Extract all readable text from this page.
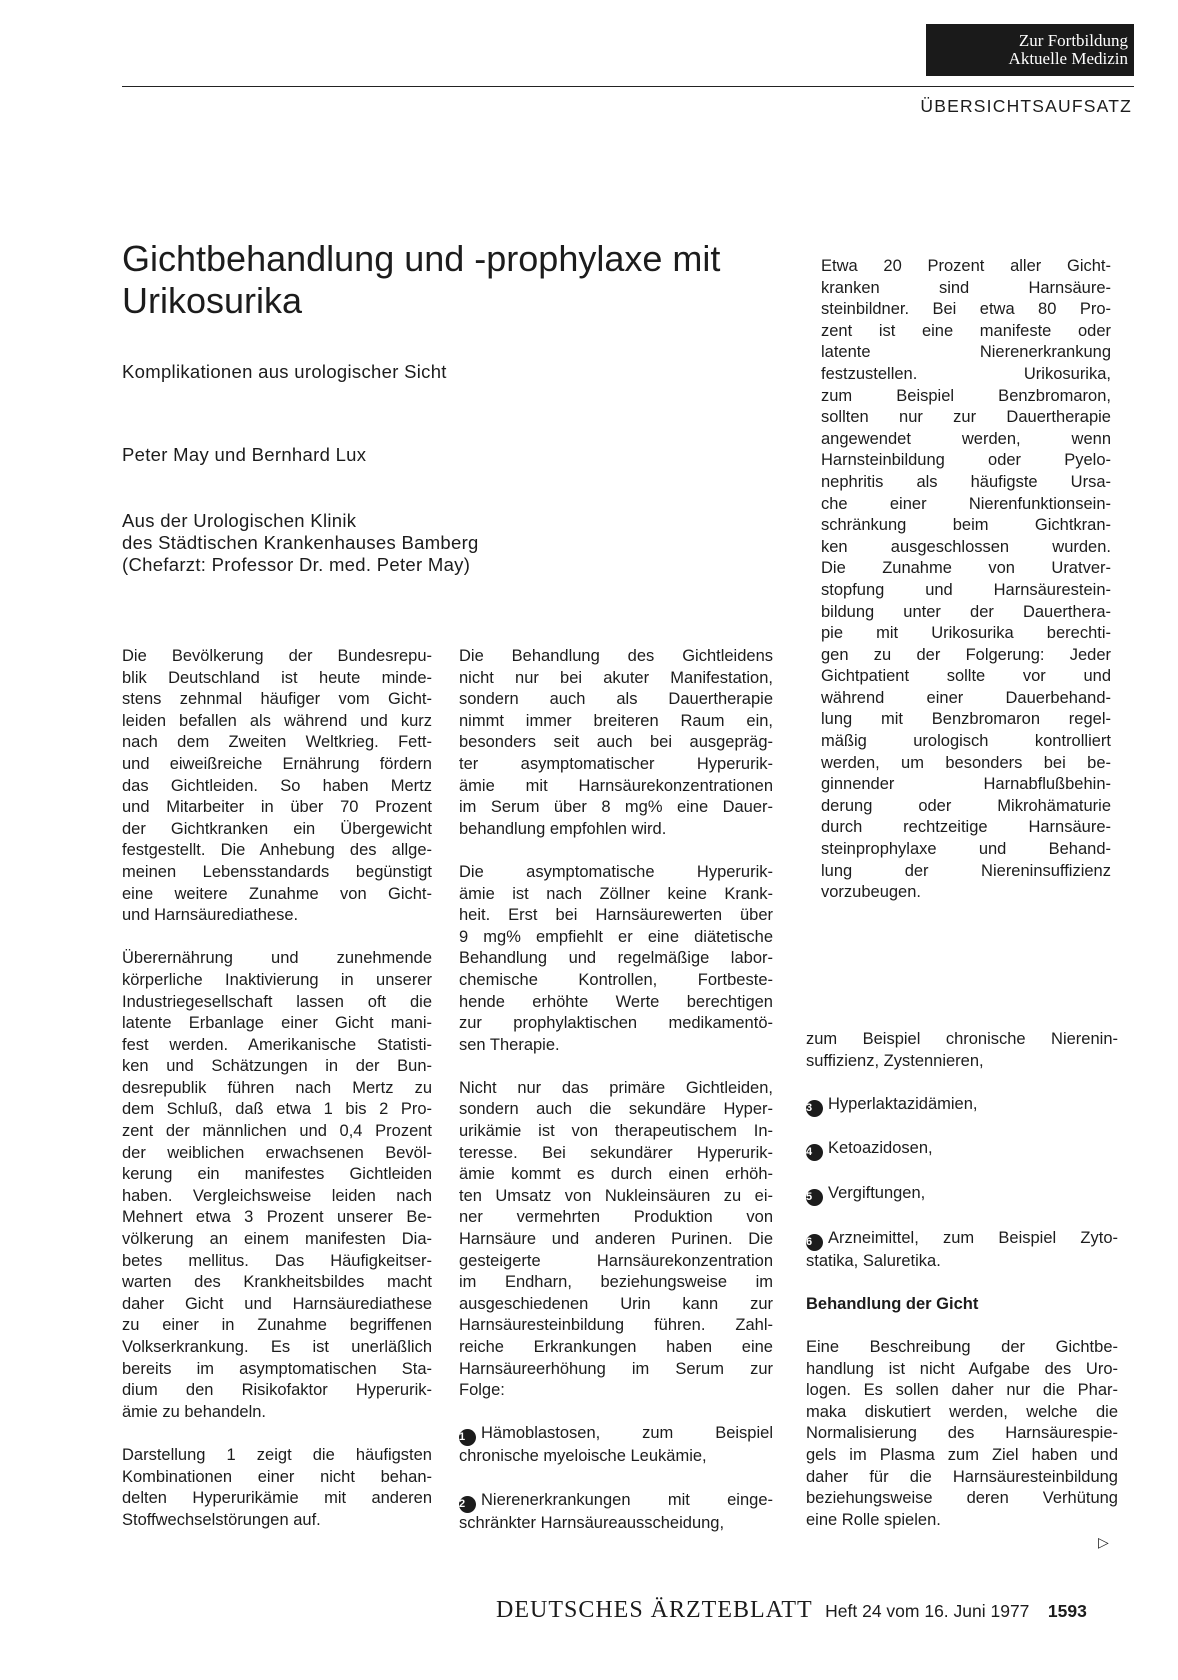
Zur Fortbildung
Aktuelle Medizin
ÜBERSICHTSAUFSATZ
Gichtbehandlung und -prophylaxe mit Urikosurika
Komplikationen aus urologischer Sicht
Peter May und Bernhard Lux
Aus der Urologischen Klinik
des Städtischen Krankenhauses Bamberg
(Chefarzt: Professor Dr. med. Peter May)

Die Bevölkerung der Bundesrepu-
blik Deutschland ist heute minde-
stens zehnmal häufiger vom Gicht-
leiden befallen als während und kurz
nach dem Zweiten Weltkrieg. Fett-
und eiweißreiche Ernährung fördern
das Gichtleiden. So haben Mertz
und Mitarbeiter in über 70 Prozent
der Gichtkranken ein Übergewicht
festgestellt. Die Anhebung des allge-
meinen Lebensstandards begünstigt
eine weitere Zunahme von Gicht-
und Harnsäurediathese.

Überernährung und zunehmende
körperliche Inaktivierung in unserer
Industriegesellschaft lassen oft die
latente Erbanlage einer Gicht mani-
fest werden. Amerikanische Statisti-
ken und Schätzungen in der Bun-
desrepublik führen nach Mertz zu
dem Schluß, daß etwa 1 bis 2 Pro-
zent der männlichen und 0,4 Prozent
der weiblichen erwachsenen Bevöl-
kerung ein manifestes Gichtleiden
haben. Vergleichsweise leiden nach
Mehnert etwa 3 Prozent unserer Be-
völkerung an einem manifesten Dia-
betes mellitus. Das Häufigkeitser-
warten des Krankheitsbildes macht
daher Gicht und Harnsäurediathese
zu einer in Zunahme begriffenen
Volkserkrankung. Es ist unerläßlich
bereits im asymptomatischen Sta-
dium den Risikofaktor Hyperurik-
ämie zu behandeln.

Darstellung 1 zeigt die häufigsten
Kombinationen einer nicht behan-
delten Hyperurikämie mit anderen
Stoffwechselstörungen auf.

Die Behandlung des Gichtleidens
nicht nur bei akuter Manifestation,
sondern auch als Dauertherapie
nimmt immer breiteren Raum ein,
besonders seit auch bei ausgepräg-
ter asymptomatischer Hyperurik-
ämie mit Harnsäurekonzentrationen
im Serum über 8 mg% eine Dauer-
behandlung empfohlen wird.

Die asymptomatische Hyperurik-
ämie ist nach Zöllner keine Krank-
heit. Erst bei Harnsäurewerten über
9 mg% empfiehlt er eine diätetische
Behandlung und regelmäßige labor-
chemische Kontrollen, Fortbeste-
hende erhöhte Werte berechtigen
zur prophylaktischen medikamentö-
sen Therapie.

Nicht nur das primäre Gichtleiden,
sondern auch die sekundäre Hyper-
urikämie ist von therapeutischem In-
teresse. Bei sekundärer Hyperurik-
ämie kommt es durch einen erhöh-
ten Umsatz von Nukleinsäuren zu ei-
ner vermehrten Produktion von
Harnsäure und anderen Purinen. Die
gesteigerte Harnsäurekonzentration
im Endharn, beziehungsweise im
ausgeschiedenen Urin kann zur
Harnsäuresteinbildung führen. Zahl-
reiche Erkrankungen haben eine
Harnsäureerhöhung im Serum zur
Folge:

1 Hämoblastosen, zum Beispiel
chronische myeloische Leukämie,
2 Nierenerkrankungen mit einge-
schränkter Harnsäureausscheidung,

Etwa 20 Prozent aller Gicht-
kranken sind Harnsäure-
steinbildner. Bei etwa 80 Pro-
zent ist eine manifeste oder
latente Nierenerkrankung
festzustellen. Urikosurika,
zum Beispiel Benzbromaron,
sollten nur zur Dauertherapie
angewendet werden, wenn
Harnsteinbildung oder Pyelo-
nephritis als häufigste Ursa-
che einer Nierenfunktionsein-
schränkung beim Gichtkran-
ken ausgeschlossen wurden.
Die Zunahme von Uratver-
stopfung und Harnsäurestein-
bildung unter der Dauerthera-
pie mit Urikosurika berechti-
gen zu der Folgerung: Jeder
Gichtpatient sollte vor und
während einer Dauerbehand-
lung mit Benzbromaron regel-
mäßig urologisch kontrolliert
werden, um besonders bei be-
ginnender Harnabflußbehin-
derung oder Mikrohämaturie
durch rechtzeitige Harnsäure-
steinprophylaxe und Behand-
lung der Niereninsuffizienz
vorzubeugen.

zum Beispiel chronische Nierenin-
suffizienz, Zystennieren,

3 Hyperlaktazidämien,
4 Ketoazidosen,
5 Vergiftungen,
6 Arzneimittel, zum Beispiel Zyto-
statika, Saluretika.
Behandlung der Gicht

Eine Beschreibung der Gichtbe-
handlung ist nicht Aufgabe des Uro-
logen. Es sollen daher nur die Phar-
maka diskutiert werden, welche die
Normalisierung des Harnsäurespie-
gels im Plasma zum Ziel haben und
daher für die Harnsäuresteinbildung
beziehungsweise deren Verhütung
eine Rolle spielen.

▷
DEUTSCHES ÄRZTEBLATT Heft 24 vom 16. Juni 1977 1593
